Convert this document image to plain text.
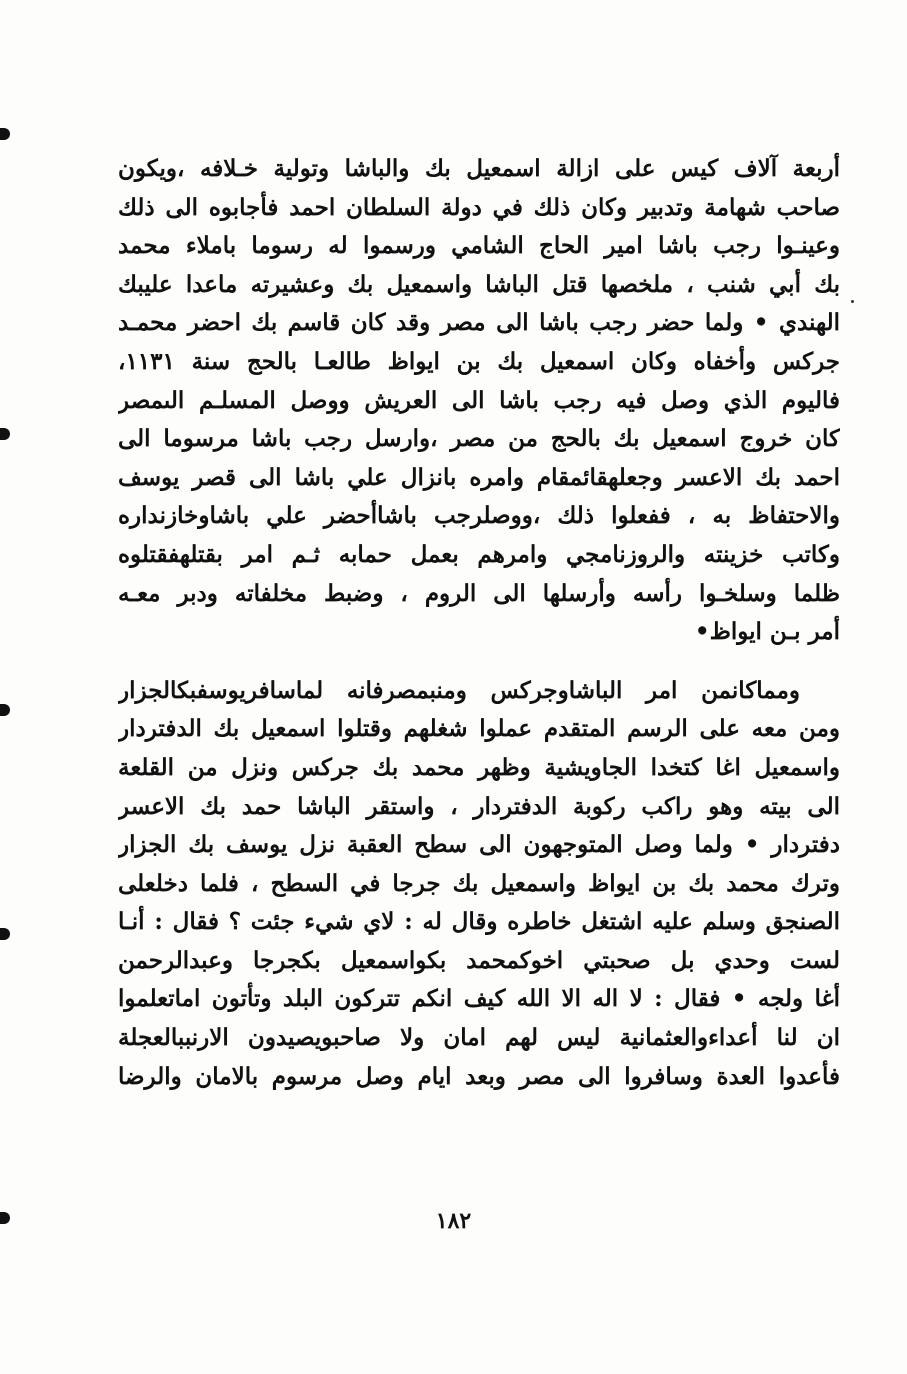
أربعة آلاف كيس على ازالة اسمعيل بك والباشا وتولية خـلافه ،ويكون
صاحب شهامة وتدبير وكان ذلك في دولة السلطان احمد فأجابوه الى ذلك
وعينـوا رجب باشا امير الحاج الشامي ورسموا له رسوما باملاء محمد
بك أبي شنب ، ملخصها قتل الباشا واسمعيل بك وعشيرته ماعدا عليبك
الهندي • ولما حضر رجب باشا الى مصر وقد كان قاسم بك احضر محمـد
جركس وأخفاه وكان اسمعيل بك بن ايواظ طالعـا بالحج سنة ١١٣١،
فاليوم الذي وصل فيه رجب باشا الى العريش ووصل المسلـم الىمصر
كان خروج اسمعيل بك بالحج من مصر ،وارسل رجب باشا مرسوما الى
احمد بك الاعسر وجعلهقائمقام وامره بانزال علي باشا الى قصر يوسف
والاحتفاظ به ، ففعلوا ذلك ،ووصلرجب باشاأحضر علي باشاوخازنداره
وكاتب خزينته والروزنامجي وامرهم بعمل حمابه ثـم امر بقتلهفقتلوه
ظلما وسلخـوا رأسه وأرسلها الى الروم ، وضبط مخلفاته ودبر معـه
أمر بـن ايواظ•
ومماكانمن امر الباشاوجركس ومنبمصرفانه لماسافريوسفبكالجزار
ومن معه على الرسم المتقدم عملوا شغلهم وقتلوا اسمعيل بك الدفتردار
واسمعيل اغا كتخدا الجاويشية وظهر محمد بك جركس ونزل من القلعة
الى بيته وهو راكب ركوبة الدفتردار ، واستقر الباشا حمد بك الاعسر
دفتردار • ولما وصل المتوجهون الى سطح العقبة نزل يوسف بك الجزار
وترك محمد بك بن ايواظ واسمعيل بك جرجا في السطح ، فلما دخلعلى
الصنجق وسلم عليه اشتغل خاطره وقال له : لاي شيء جئت ؟ فقال : أنـا
لست وحدي بل صحبتي اخوكمحمد بكواسمعيل بكجرجا وعبدالرحمن
أغا ولجه • فقال : لا اله الا الله كيف انكم تتركون البلد وتأتون اماتعلموا
ان لنا أعداءوالعثمانية ليس لهم امان ولا صاحبويصيدون الارنببالعجلة
فأعدوا العدة وسافروا الى مصر وبعد ايام وصل مرسوم بالامان والرضا
١٨٢
